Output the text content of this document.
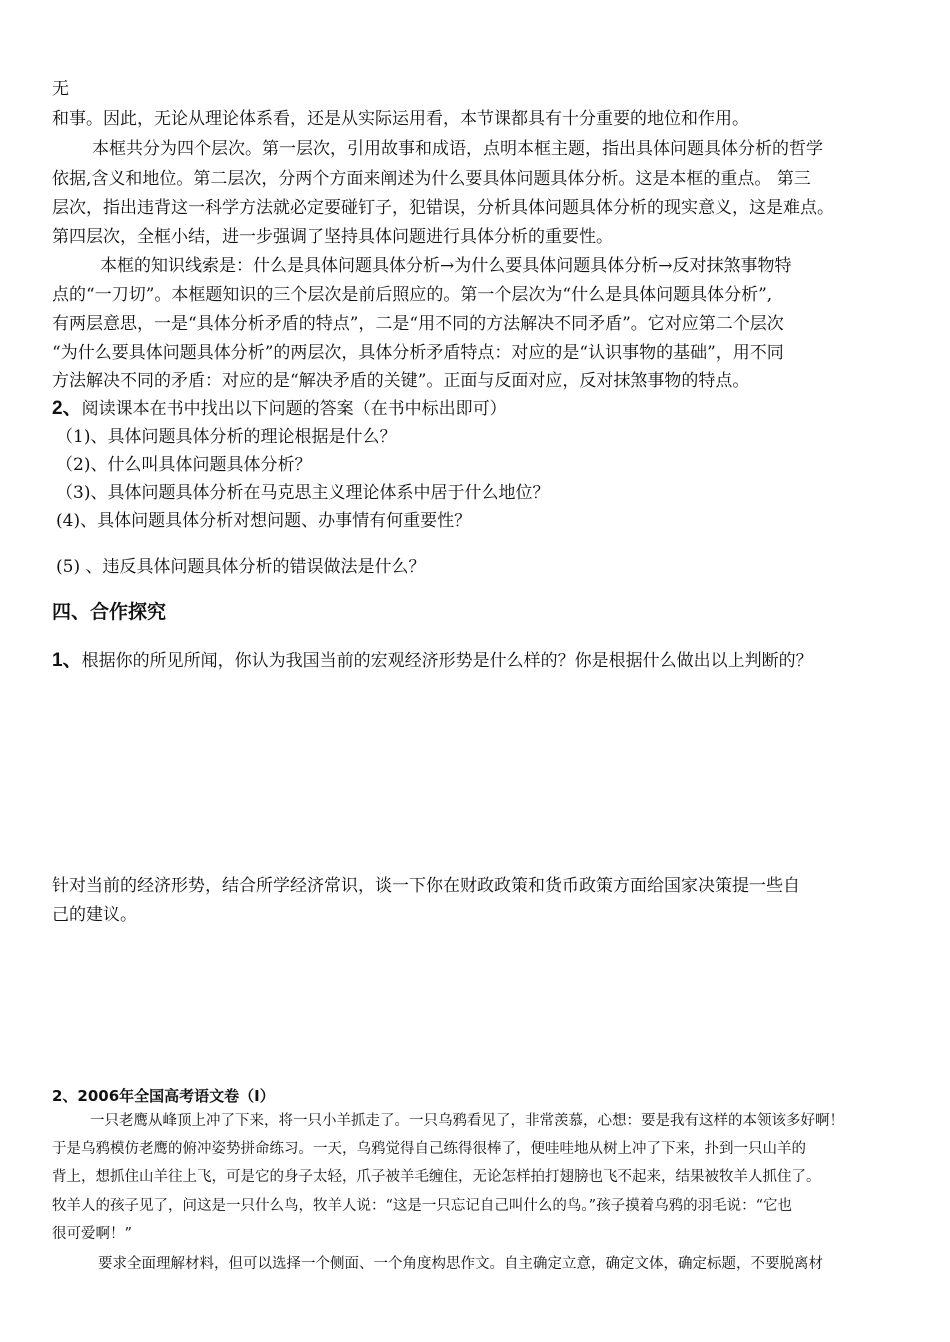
无
和事。因此，无论从理论体系看，还是从实际运用看，本节课都具有十分重要的地位和作用。
本框共分为四个层次。第一层次，引用故事和成语，点明本框主题，指出具体问题具体分析的哲学
依据,含义和地位。第二层次，分两个方面来阐述为什么要具体问题具体分析。这是本框的重点。 第三
层次，指出违背这一科学方法就必定要碰钉子，犯错误，分析具体问题具体分析的现实意义，这是难点。
第四层次，全框小结，进一步强调了坚持具体问题进行具体分析的重要性。
本框的知识线索是：什么是具体问题具体分析→为什么要具体问题具体分析→反对抹煞事物特
点的“一刀切”。本框题知识的三个层次是前后照应的。第一个层次为“什么是具体问题具体分析”,
有两层意思，一是“具体分析矛盾的特点”，二是“用不同的方法解决不同矛盾”。它对应第二个层次
“为什么要具体问题具体分析”的两层次，具体分析矛盾特点：对应的是“认识事物的基础”，用不同
方法解决不同的矛盾：对应的是“解决矛盾的关键”。正面与反面对应，反对抹煞事物的特点。
2、阅读课本在书中找出以下问题的答案（在书中标出即可）
（1)、具体问题具体分析的理论根据是什么？
（2)、什么叫具体问题具体分析？
（3)、具体问题具体分析在马克思主义理论体系中居于什么地位？
(4)、具体问题具体分析对想问题、办事情有何重要性？
(5) 、违反具体问题具体分析的错误做法是什么？
四、合作探究
1、根据你的所见所闻，你认为我国当前的宏观经济形势是什么样的？你是根据什么做出以上判断的？
针对当前的经济形势，结合所学经济常识，谈一下你在财政政策和货币政策方面给国家决策提一些自
己的建议。
2、2006年全国高考语文卷（I）
一只老鹰从峰顶上冲了下来，将一只小羊抓走了。一只乌鸦看见了，非常羡慕，心想：要是我有这样的本领该多好啊！
于是乌鸦模仿老鹰的俯冲姿势拼命练习。一天，乌鸦觉得自己练得很棒了，便哇哇地从树上冲了下来，扑到一只山羊的
背上，想抓住山羊往上飞，可是它的身子太轻，爪子被羊毛缠住，无论怎样拍打翅膀也飞不起来，结果被牧羊人抓住了。
牧羊人的孩子见了，问这是一只什么鸟，牧羊人说：“这是一只忘记自己叫什么的鸟。”孩子摸着乌鸦的羽毛说：“它也
很可爱啊！”
要求全面理解材料，但可以选择一个侧面、一个角度构思作文。自主确定立意，确定文体，确定标题，不要脱离材
